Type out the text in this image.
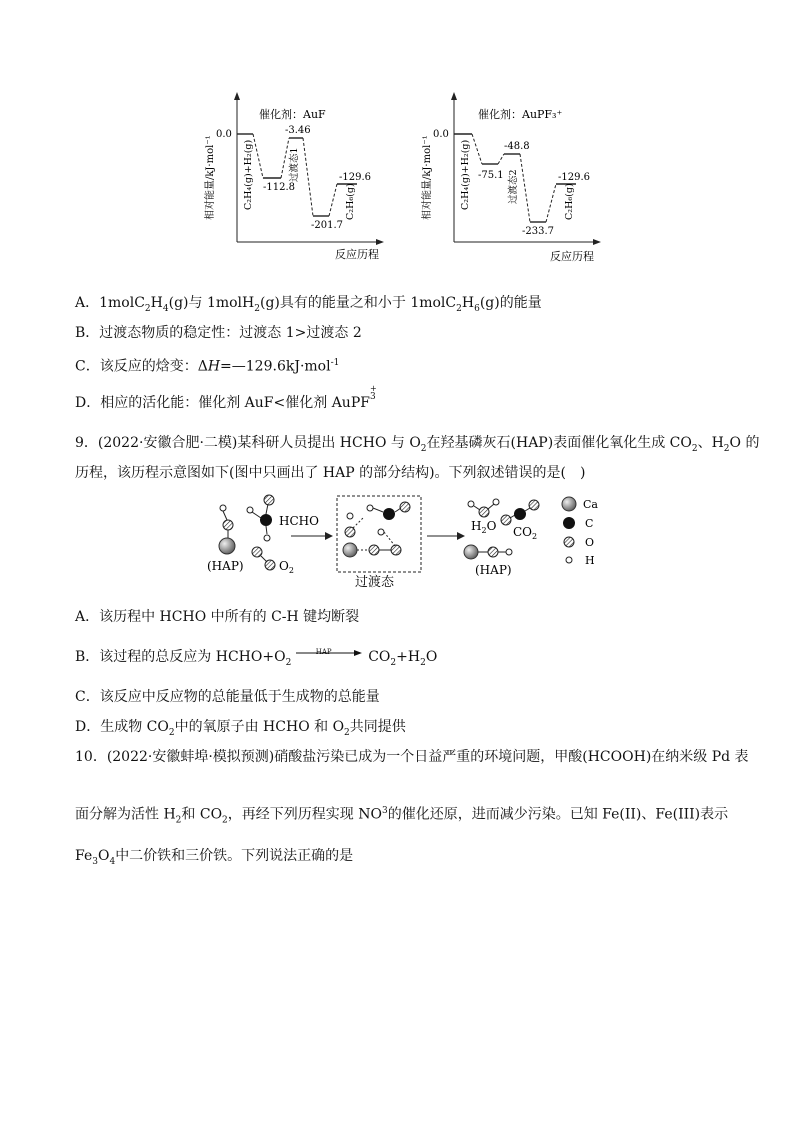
催化剂：AuF
相对能量/kJ·mol⁻¹
0.0
-112.8
-3.46
-201.7
-129.6
C₂H₄(g)+H₂(g)	过渡态1
C₂H₆(g)
反应历程
催化剂：AuPF₃⁺
相对能量/kJ·mol⁻¹
0.0
-75.1
-48.8
-233.7
-129.6
C₂H₄(g)+H₂(g)	过渡态2	C₂H₆(g)
反应历程
A．$1molC_2H_4(g)$与 1molH$_2$(g)具有的能量之和小于 $1molC_2H_6(g)$的能量
B．过渡态物质的稳定性：过渡态 1>过渡态 2
C．该反应的焓变：ΔH=—129.6kJ·mol$^{-1}$
D．相应的活化能：催化剂 AuF<催化剂 AuPF
+
3
9．(2022·安徽合肥·二模)某科研人员提出 HCHO 与 $O_2$在羟基磷灰石(HAP)表面催化氧化生成 $CO_2$、$H_2O$ 的
历程，该历程示意图如下(图中只画出了 HAP 的部分结构)。下列叙述错误的是(　)
(HAP)
HCHO
$O_2$
过渡态
$H_2O$ $CO_2$
(HAP)
Ca
C
O
H
A．该历程中 HCHO 中所有的 C-H 键均断裂
B．该过程的总反应为 $HCHO+O_2$
HAP	$CO_2+H_2O$
C．该反应中反应物的总能量低于生成物的总能量
D．生成物 $CO_2$中的氧原子由 HCHO 和 $O_2$共同提供
10．(2022·安徽蚌埠·模拟预测)硝酸盐污染已成为一个日益严重的环境问题，甲酸(HCOOH)在纳米级 Pd 表
面分解为活性 $H_2$和 $CO_2$，再经下列历程实现 $NO^3$的催化还原，进而减少污染。已知 Fe(II)、Fe(III)表示
$Fe_3O_4$中二价铁和三价铁。下列说法正确的是
